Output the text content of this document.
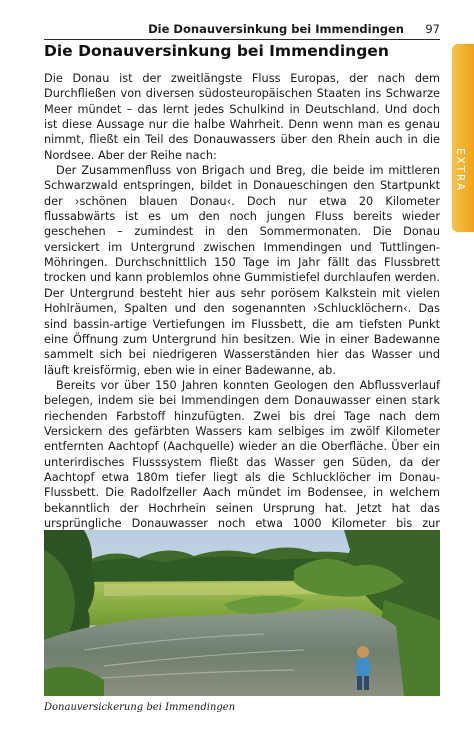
Die Donauversinkung bei Immendingen 97
EXTRA
Die Donauversinkung bei Immendingen

Die Donau ist der zweitlängste Fluss Europas, der nach dem Durchfließen von diversen südosteuropäischen Staaten ins Schwarze Meer mündet – das lernt jedes Schulkind in Deutschland. Und doch ist diese Aussage nur die halbe Wahrheit. Denn wenn man es genau nimmt, fließt ein Teil des Donauwassers über den Rhein auch in die Nordsee. Aber der Reihe nach:

Der Zusammenfluss von Brigach und Breg, die beide im mittleren Schwarzwald entspringen, bildet in Donaueschingen den Startpunkt der ›schönen blauen Donau‹. Doch nur etwa 20 Kilometer flussabwärts ist es um den noch jungen Fluss bereits wieder geschehen – zumindest in den Sommermonaten. Die Donau versickert im Untergrund zwischen Immendingen und Tuttlingen-Möhringen. Durchschnittlich 150 Tage im Jahr fällt das Flussbrett trocken und kann problemlos ohne Gummistiefel durchlaufen werden. Der Untergrund besteht hier aus sehr porösem Kalkstein mit vielen Hohlräumen, Spalten und den sogenannten ›Schlucklöchern‹. Das sind bassin-artige Vertiefungen im Flussbett, die am tiefsten Punkt eine Öffnung zum Untergrund hin besitzen. Wie in einer Badewanne sammelt sich bei niedrigeren Wasserständen hier das Wasser und läuft kreisförmig, eben wie in einer Badewanne, ab.

Bereits vor über 150 Jahren konnten Geologen den Abflussverlauf belegen, indem sie bei Immendingen dem Donauwasser einen stark riechenden Farbstoff hinzufügten. Zwei bis drei Tage nach dem Versickern des gefärbten Wassers kam selbiges im zwölf Kilometer entfernten Aachtopf (Aachquelle) wieder an die Oberfläche. Über ein unterirdisches Flusssystem fließt das Wasser gen Süden, da der Aachtopf etwa 180m tiefer liegt als die Schlucklöcher im Donau-Flussbett. Die Radolfzeller Aach mündet im Bodensee, in welchem bekanntlich der Hochrhein seinen Ursprung hat. Jetzt hat das ursprüngliche Donauwasser noch etwa 1000 Kilometer bis zur

Donauversickerung bei Immendingen
